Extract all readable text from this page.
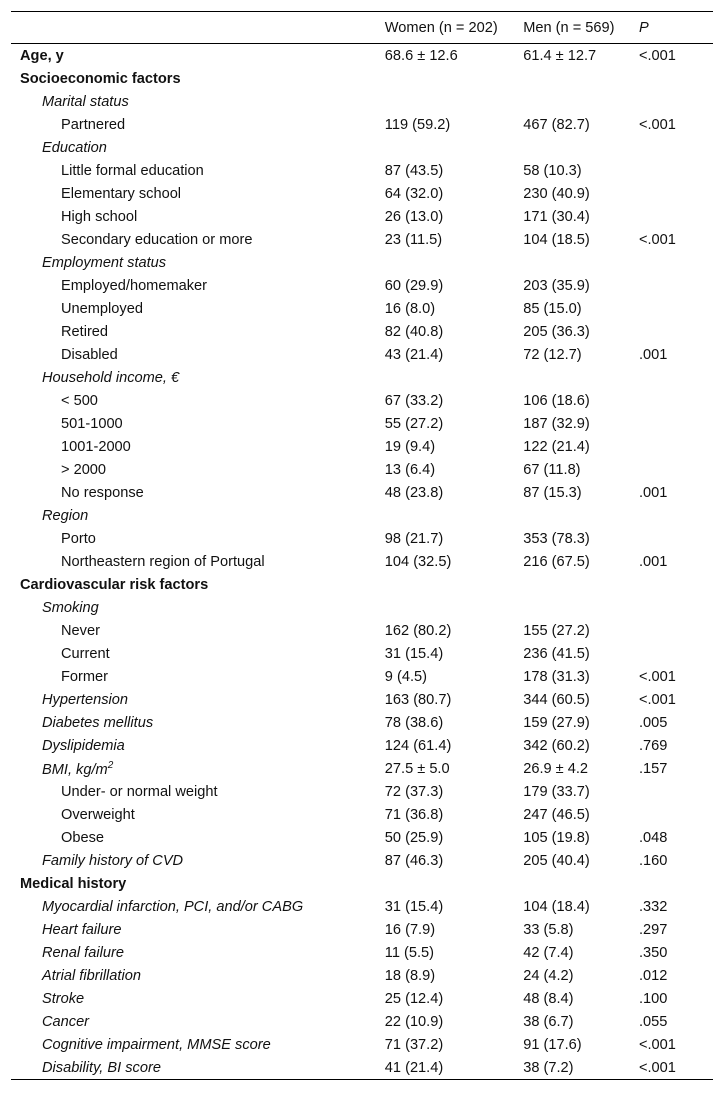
	Women (n = 202)	Men (n = 569)	P
Age, y	68.6 ± 12.6	61.4 ± 12.7	<.001
Socioeconomic factors			
Marital status			
Partnered	119 (59.2)	467 (82.7)	<.001
Education			
Little formal education	87 (43.5)	58 (10.3)	
Elementary school	64 (32.0)	230 (40.9)	
High school	26 (13.0)	171 (30.4)	
Secondary education or more	23 (11.5)	104 (18.5)	<.001
Employment status			
Employed/homemaker	60 (29.9)	203 (35.9)	
Unemployed	16 (8.0)	85 (15.0)	
Retired	82 (40.8)	205 (36.3)	
Disabled	43 (21.4)	72 (12.7)	.001
Household income, €			
< 500	67 (33.2)	106 (18.6)	
501-1000	55 (27.2)	187 (32.9)	
1001-2000	19 (9.4)	122 (21.4)	
> 2000	13 (6.4)	67 (11.8)	
No response	48 (23.8)	87 (15.3)	.001
Region			
Porto	98 (21.7)	353 (78.3)	
Northeastern region of Portugal	104 (32.5)	216 (67.5)	.001
Cardiovascular risk factors			
Smoking			
Never	162 (80.2)	155 (27.2)	
Current	31 (15.4)	236 (41.5)	
Former	9 (4.5)	178 (31.3)	<.001
Hypertension	163 (80.7)	344 (60.5)	<.001
Diabetes mellitus	78 (38.6)	159 (27.9)	.005
Dyslipidemia	124 (61.4)	342 (60.2)	.769
BMI, $kg/m^2$	27.5 ± 5.0	26.9 ± 4.2	.157
Under- or normal weight	72 (37.3)	179 (33.7)	
Overweight	71 (36.8)	247 (46.5)	
Obese	50 (25.9)	105 (19.8)	.048
Family history of CVD	87 (46.3)	205 (40.4)	.160
Medical history			
Myocardial infarction, PCI, and/or CABG	31 (15.4)	104 (18.4)	.332
Heart failure	16 (7.9)	33 (5.8)	.297
Renal failure	11 (5.5)	42 (7.4)	.350
Atrial fibrillation	18 (8.9)	24 (4.2)	.012
Stroke	25 (12.4)	48 (8.4)	.100
Cancer	22 (10.9)	38 (6.7)	.055
Cognitive impairment, MMSE score	71 (37.2)	91 (17.6)	<.001
Disability, BI score	41 (21.4)	38 (7.2)	<.001
